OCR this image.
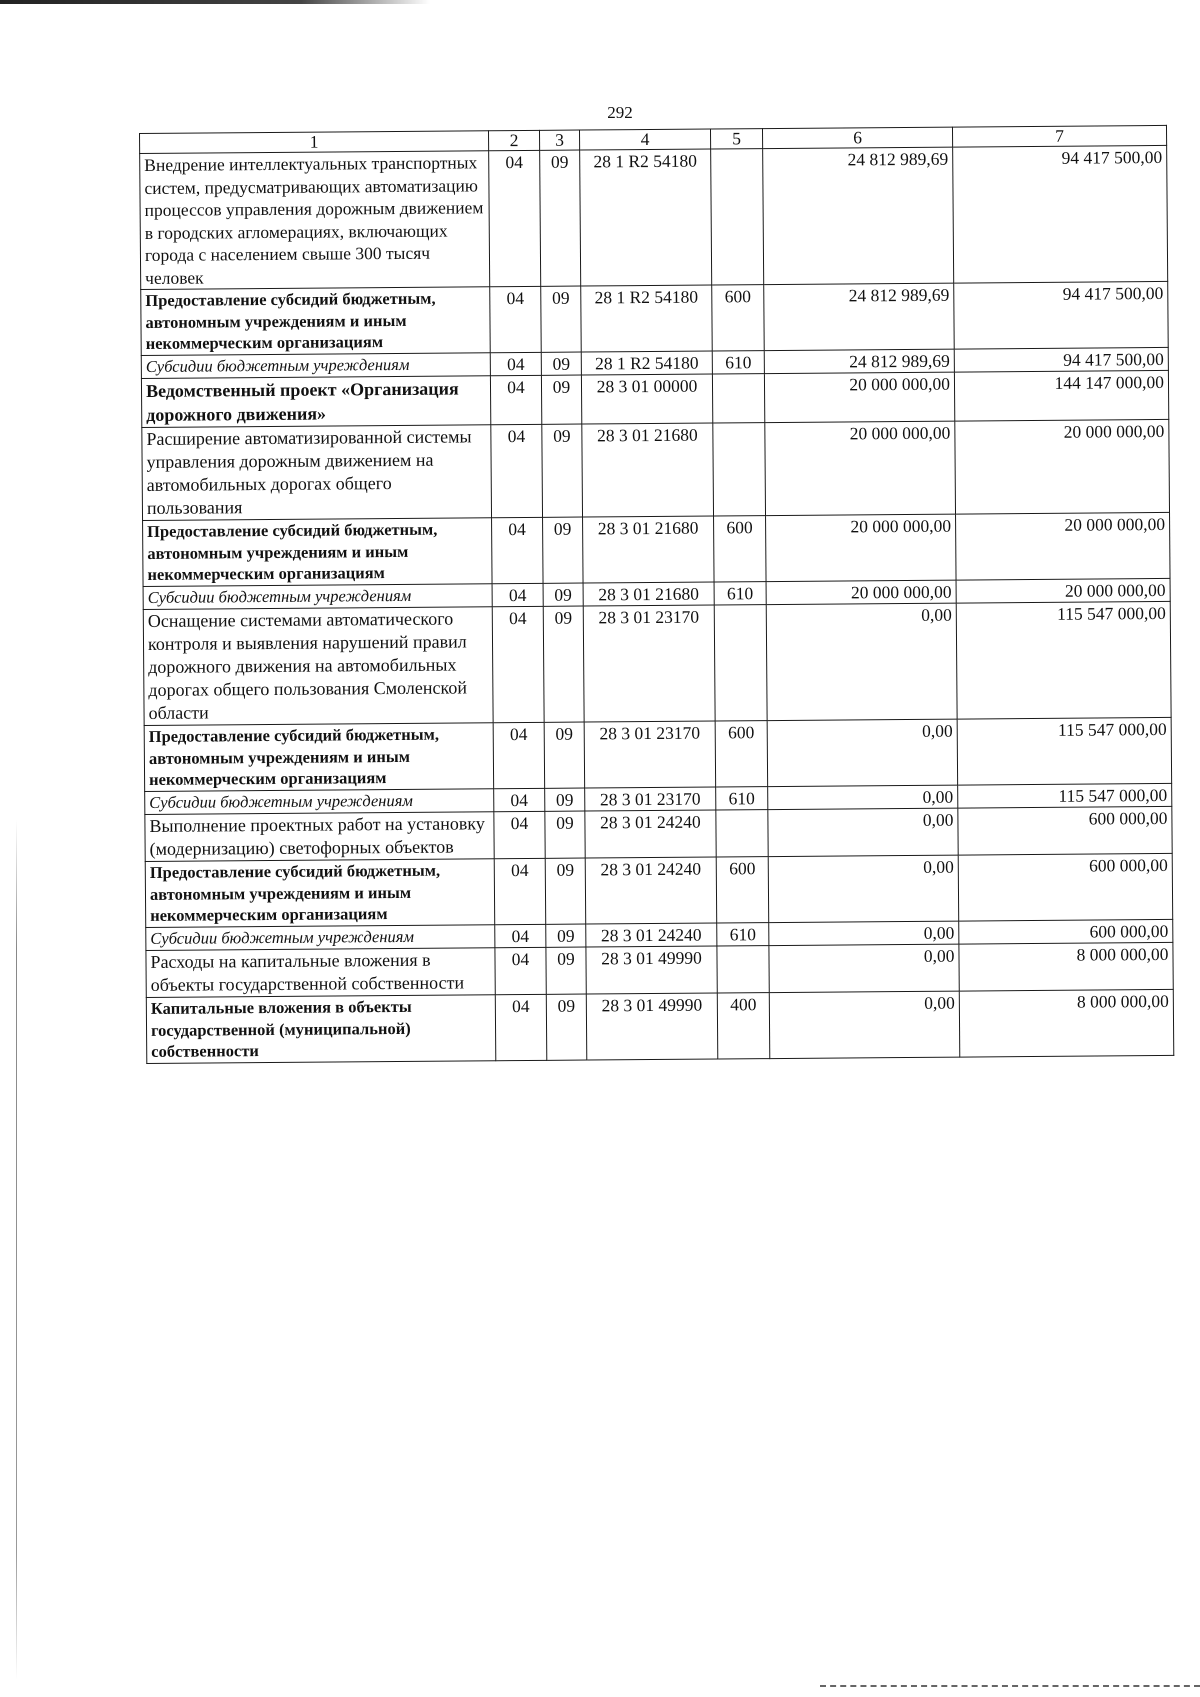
292
1	2	3	4	5	6	7
Внедрение интеллектуальных транспортных систем, предусматривающих автоматизацию процессов управления дорожным движением в городских агломерациях, включающих города с населением свыше 300 тысяч человек	04	09	28 1 R2 54180		24 812 989,69	94 417 500,00
Предоставление субсидий бюджетным, автономным учреждениям и иным некоммерческим организациям	04	09	28 1 R2 54180	600	24 812 989,69	94 417 500,00
Субсидии бюджетным учреждениям	04	09	28 1 R2 54180	610	24 812 989,69	94 417 500,00
Ведомственный проект «Организация дорожного движения»	04	09	28 3 01 00000		20 000 000,00	144 147 000,00
Расширение автоматизированной системы управления дорожным движением на автомобильных дорогах общего пользования	04	09	28 3 01 21680		20 000 000,00	20 000 000,00
Предоставление субсидий бюджетным, автономным учреждениям и иным некоммерческим организациям	04	09	28 3 01 21680	600	20 000 000,00	20 000 000,00
Субсидии бюджетным учреждениям	04	09	28 3 01 21680	610	20 000 000,00	20 000 000,00
Оснащение системами автоматического контроля и выявления нарушений правил дорожного движения на автомобильных дорогах общего пользования Смоленской области	04	09	28 3 01 23170		0,00	115 547 000,00
Предоставление субсидий бюджетным, автономным учреждениям и иным некоммерческим организациям	04	09	28 3 01 23170	600	0,00	115 547 000,00
Субсидии бюджетным учреждениям	04	09	28 3 01 23170	610	0,00	115 547 000,00
Выполнение проектных работ на установку (модернизацию) светофорных объектов	04	09	28 3 01 24240		0,00	600 000,00
Предоставление субсидий бюджетным, автономным учреждениям и иным некоммерческим организациям	04	09	28 3 01 24240	600	0,00	600 000,00
Субсидии бюджетным учреждениям	04	09	28 3 01 24240	610	0,00	600 000,00
Расходы на капитальные вложения в объекты государственной собственности	04	09	28 3 01 49990		0,00	8 000 000,00
Капитальные вложения в объекты государственной (муниципальной) собственности	04	09	28 3 01 49990	400	0,00	8 000 000,00
